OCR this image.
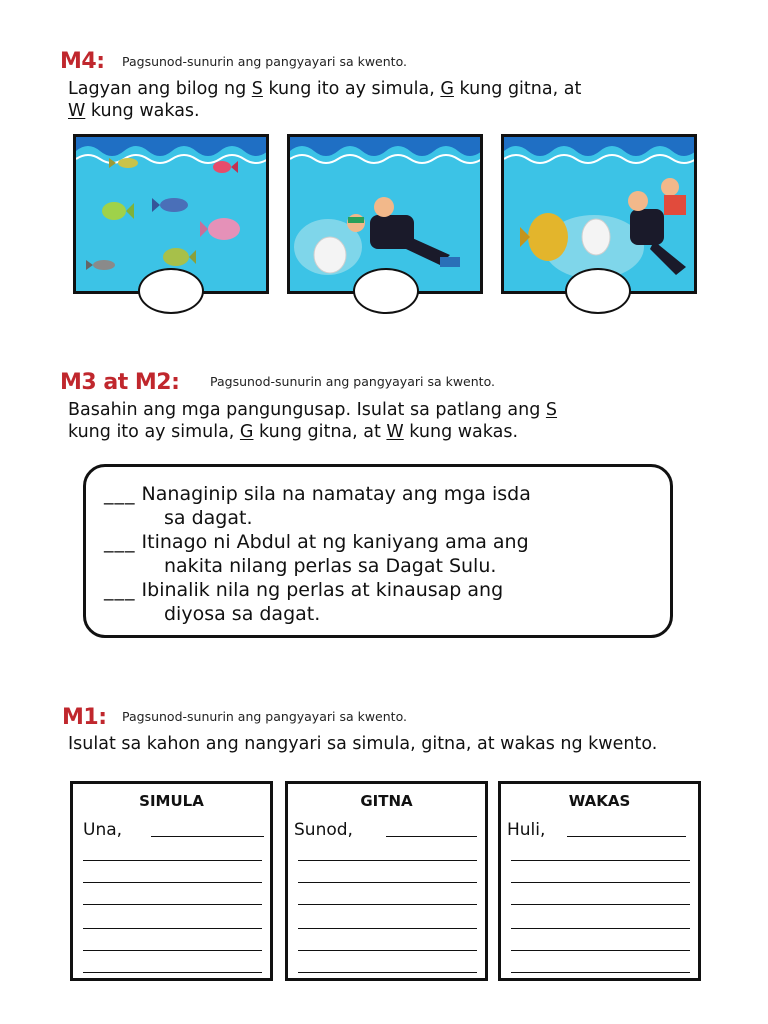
M4: Pagsunod-sunurin ang pangyayari sa kwento.
Lagyan ang bilog ng S kung ito ay simula, G kung gitna, at
W kung wakas.
M3 at M2: Pagsunod-sunurin ang pangyayari sa kwento.
Basahin ang mga pangungusap. Isulat sa patlang ang S
kung ito ay simula, G kung gitna, at W kung wakas.
___ Nanaginip sila na namatay ang mga isda
sa dagat.
___ Itinago ni Abdul at ng kaniyang ama ang
nakita nilang perlas sa Dagat Sulu.
___ Ibinalik nila ng perlas at kinausap ang
diyosa sa dagat.
M1: Pagsunod-sunurin ang pangyayari sa kwento.
Isulat sa kahon ang nangyari sa simula, gitna, at wakas ng kwento.
SIMULA
Una,
GITNA
Sunod,
WAKAS
Huli,
